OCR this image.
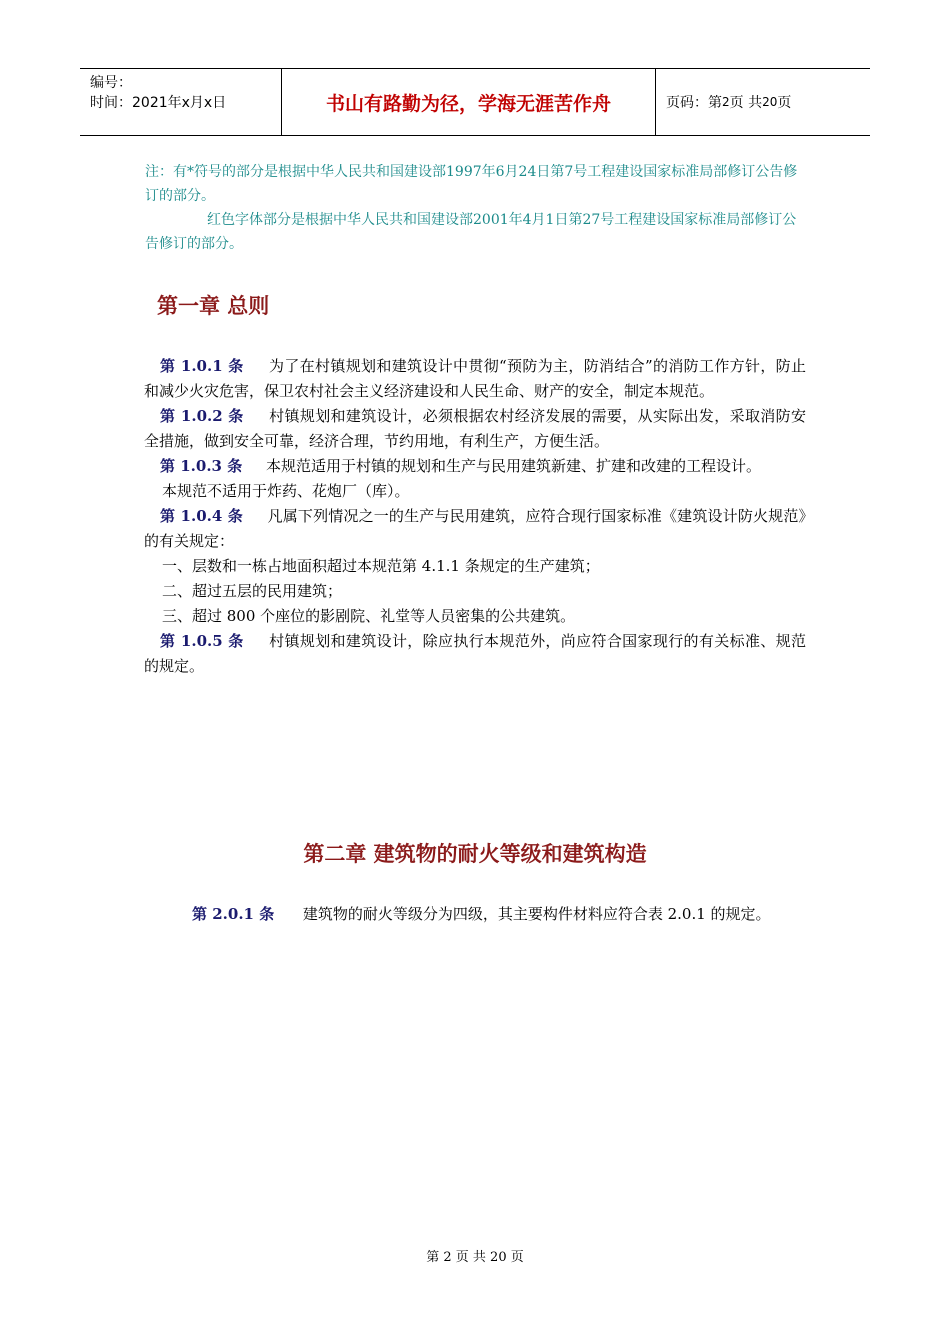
编号：
时间：2021年x月x日	书山有路勤为径，学海无涯苦作舟	页码：第 2 页 共 20 页
注：有*符号的部分是根据中华人民共和国建设部1997年6月24日第7号工程建设国家标准局部修订公告修订的部分。
红色字体部分是根据中华人民共和国建设部2001年4月1日第27号工程建设国家标准局部修订公告修订的部分。
第一章 总则

第 1.0.1 条 为了在村镇规划和建筑设计中贯彻“预防为主，防消结合”的消防工作方针，防止和减少火灾危害，保卫农村社会主义经济建设和人民生命、财产的安全，制定本规范。

第 1.0.2 条 村镇规划和建筑设计，必须根据农村经济发展的需要，从实际出发，采取消防安全措施，做到安全可靠，经济合理，节约用地，有利生产，方便生活。

第 1.0.3 条 本规范适用于村镇的规划和生产与民用建筑新建、扩建和改建的工程设计。

本规范不适用于炸药、花炮厂（库）。

第 1.0.4 条 凡属下列情况之一的生产与民用建筑，应符合现行国家标准《建筑设计防火规范》的有关规定：

一、层数和一栋占地面积超过本规范第 4.1.1 条规定的生产建筑；

二、超过五层的民用建筑；

三、超过 800 个座位的影剧院、礼堂等人员密集的公共建筑。

第 1.0.5 条 村镇规划和建筑设计，除应执行本规范外，尚应符合国家现行的有关标准、规范的规定。

第二章 建筑物的耐火等级和建筑构造

第 2.0.1 条 建筑物的耐火等级分为四级，其主要构件材料应符合表 2.0.1 的规定。

第 2 页 共 20 页
